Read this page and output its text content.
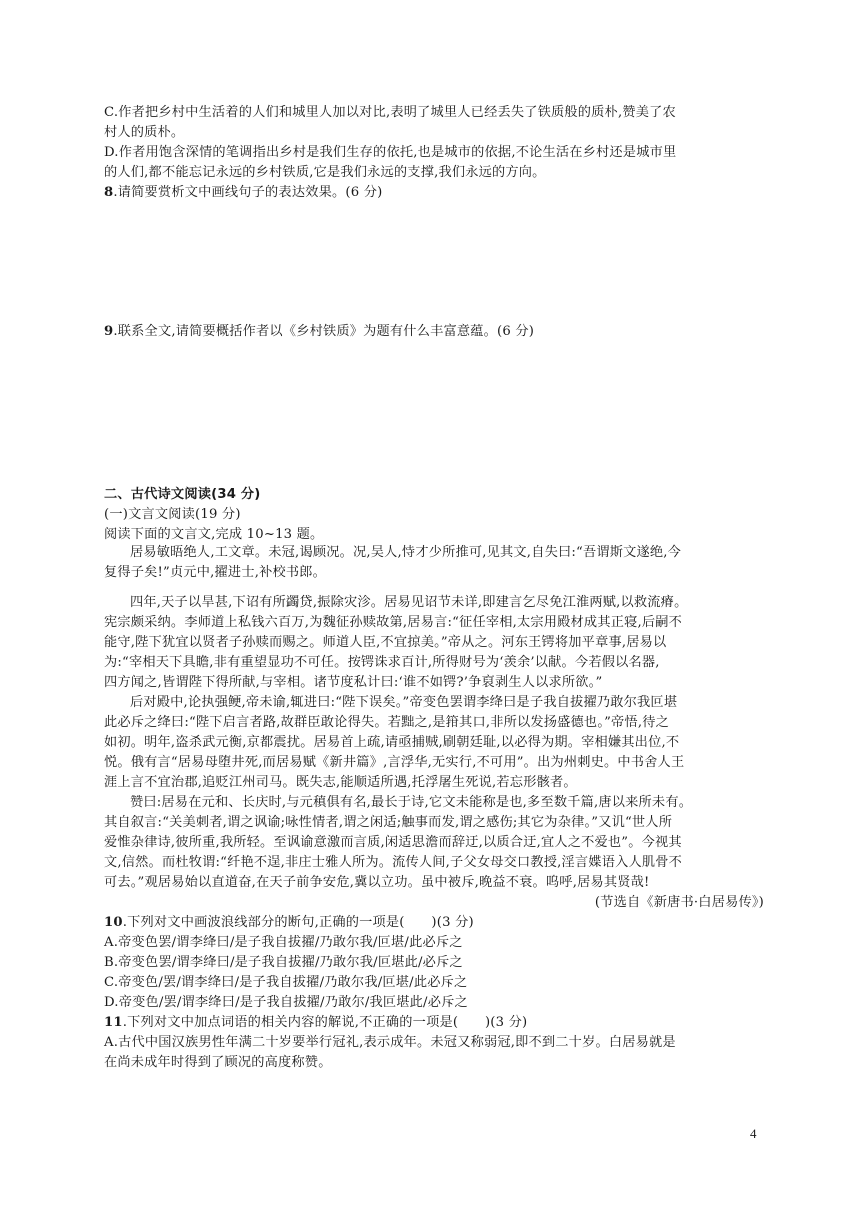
C.作者把乡村中生活着的人们和城里人加以对比,表明了城里人已经丢失了铁质般的质朴,赞美了农
村人的质朴。
D.作者用饱含深情的笔调指出乡村是我们生存的依托,也是城市的依据,不论生活在乡村还是城市里
的人们,都不能忘记永远的乡村铁质,它是我们永远的支撑,我们永远的方向。
8.请简要赏析文中画线句子的表达效果。(6 分)
9.联系全文,请简要概括作者以《乡村铁质》为题有什么丰富意蕴。(6 分)
二、古代诗文阅读(34 分)
(一)文言文阅读(19 分)
阅读下面的文言文,完成 10~13 题。
居易敏晤绝人,工文章。未冠,谒顾况。况,吴人,恃才少所推可,见其文,自失曰:“吾谓斯文遂绝,今
复得子矣!”贞元中,擢进士,补校书郎。
四年,天子以旱甚,下诏有所蠲贷,振除灾沴。居易见诏节未详,即建言乞尽免江淮两赋,以救流瘠。
宪宗颇采纳。李师道上私钱六百万,为魏征孙赎故第,居易言:“征任宰相,太宗用殿材成其正寝,后嗣不
能守,陛下犹宜以贤者子孙赎而赐之。师道人臣,不宜掠美。”帝从之。河东王锷将加平章事,居易以
为:“宰相天下具瞻,非有重望显功不可任。按锷诛求百计,所得财号为‘羡余’以献。今若假以名器,
四方闻之,皆谓陛下得所献,与宰相。诸节度私计曰:‘谁不如锷?’争裒剥生人以求所欲。”
后对殿中,论执强鲠,帝未谕,辄进曰:“陛下误矣。”帝变色罢谓李绛曰是子我自拔擢乃敢尔我叵堪
此必斥之绛曰:“陛下启言者路,故群臣敢论得失。若黜之,是箝其口,非所以发扬盛德也。”帝悟,待之
如初。明年,盗杀武元衡,京都震扰。居易首上疏,请亟捕贼,刷朝廷耻,以必得为期。宰相嫌其出位,不
悦。俄有言“居易母堕井死,而居易赋《新井篇》,言浮华,无实行,不可用”。出为州刺史。中书舍人王
涯上言不宜治郡,追贬江州司马。既失志,能顺适所遇,托浮屠生死说,若忘形骸者。
赞曰:居易在元和、长庆时,与元稹俱有名,最长于诗,它文未能称是也,多至数千篇,唐以来所未有。
其自叙言:“关美刺者,谓之讽谕;咏性情者,谓之闲适;触事而发,谓之感伤;其它为杂律。”又讥“世人所
爱惟杂律诗,彼所重,我所轻。至讽谕意激而言质,闲适思澹而辞迂,以质合迂,宜人之不爱也”。今视其
文,信然。而杜牧谓:“纤艳不逞,非庄士雅人所为。流传人间,子父女母交口教授,淫言媟语入人肌骨不
可去。”观居易始以直道奋,在天子前争安危,冀以立功。虽中被斥,晚益不衰。呜呼,居易其贤哉!
(节选自《新唐书·白居易传》)
10.下列对文中画波浪线部分的断句,正确的一项是(　　)(3 分)
A.帝变色罢/谓李绛曰/是子我自拔擢/乃敢尔我/叵堪/此必斥之
B.帝变色罢/谓李绛曰/是子我自拔擢/乃敢尔我/叵堪此/必斥之
C.帝变色/罢/谓李绛曰/是子我自拔擢/乃敢尔我/叵堪/此必斥之
D.帝变色/罢/谓李绛曰/是子我自拔擢/乃敢尔/我叵堪此/必斥之
11.下列对文中加点词语的相关内容的解说,不正确的一项是(　　)(3 分)
A.古代中国汉族男性年满二十岁要举行冠礼,表示成年。未冠又称弱冠,即不到二十岁。白居易就是
在尚未成年时得到了顾况的高度称赞。
4
